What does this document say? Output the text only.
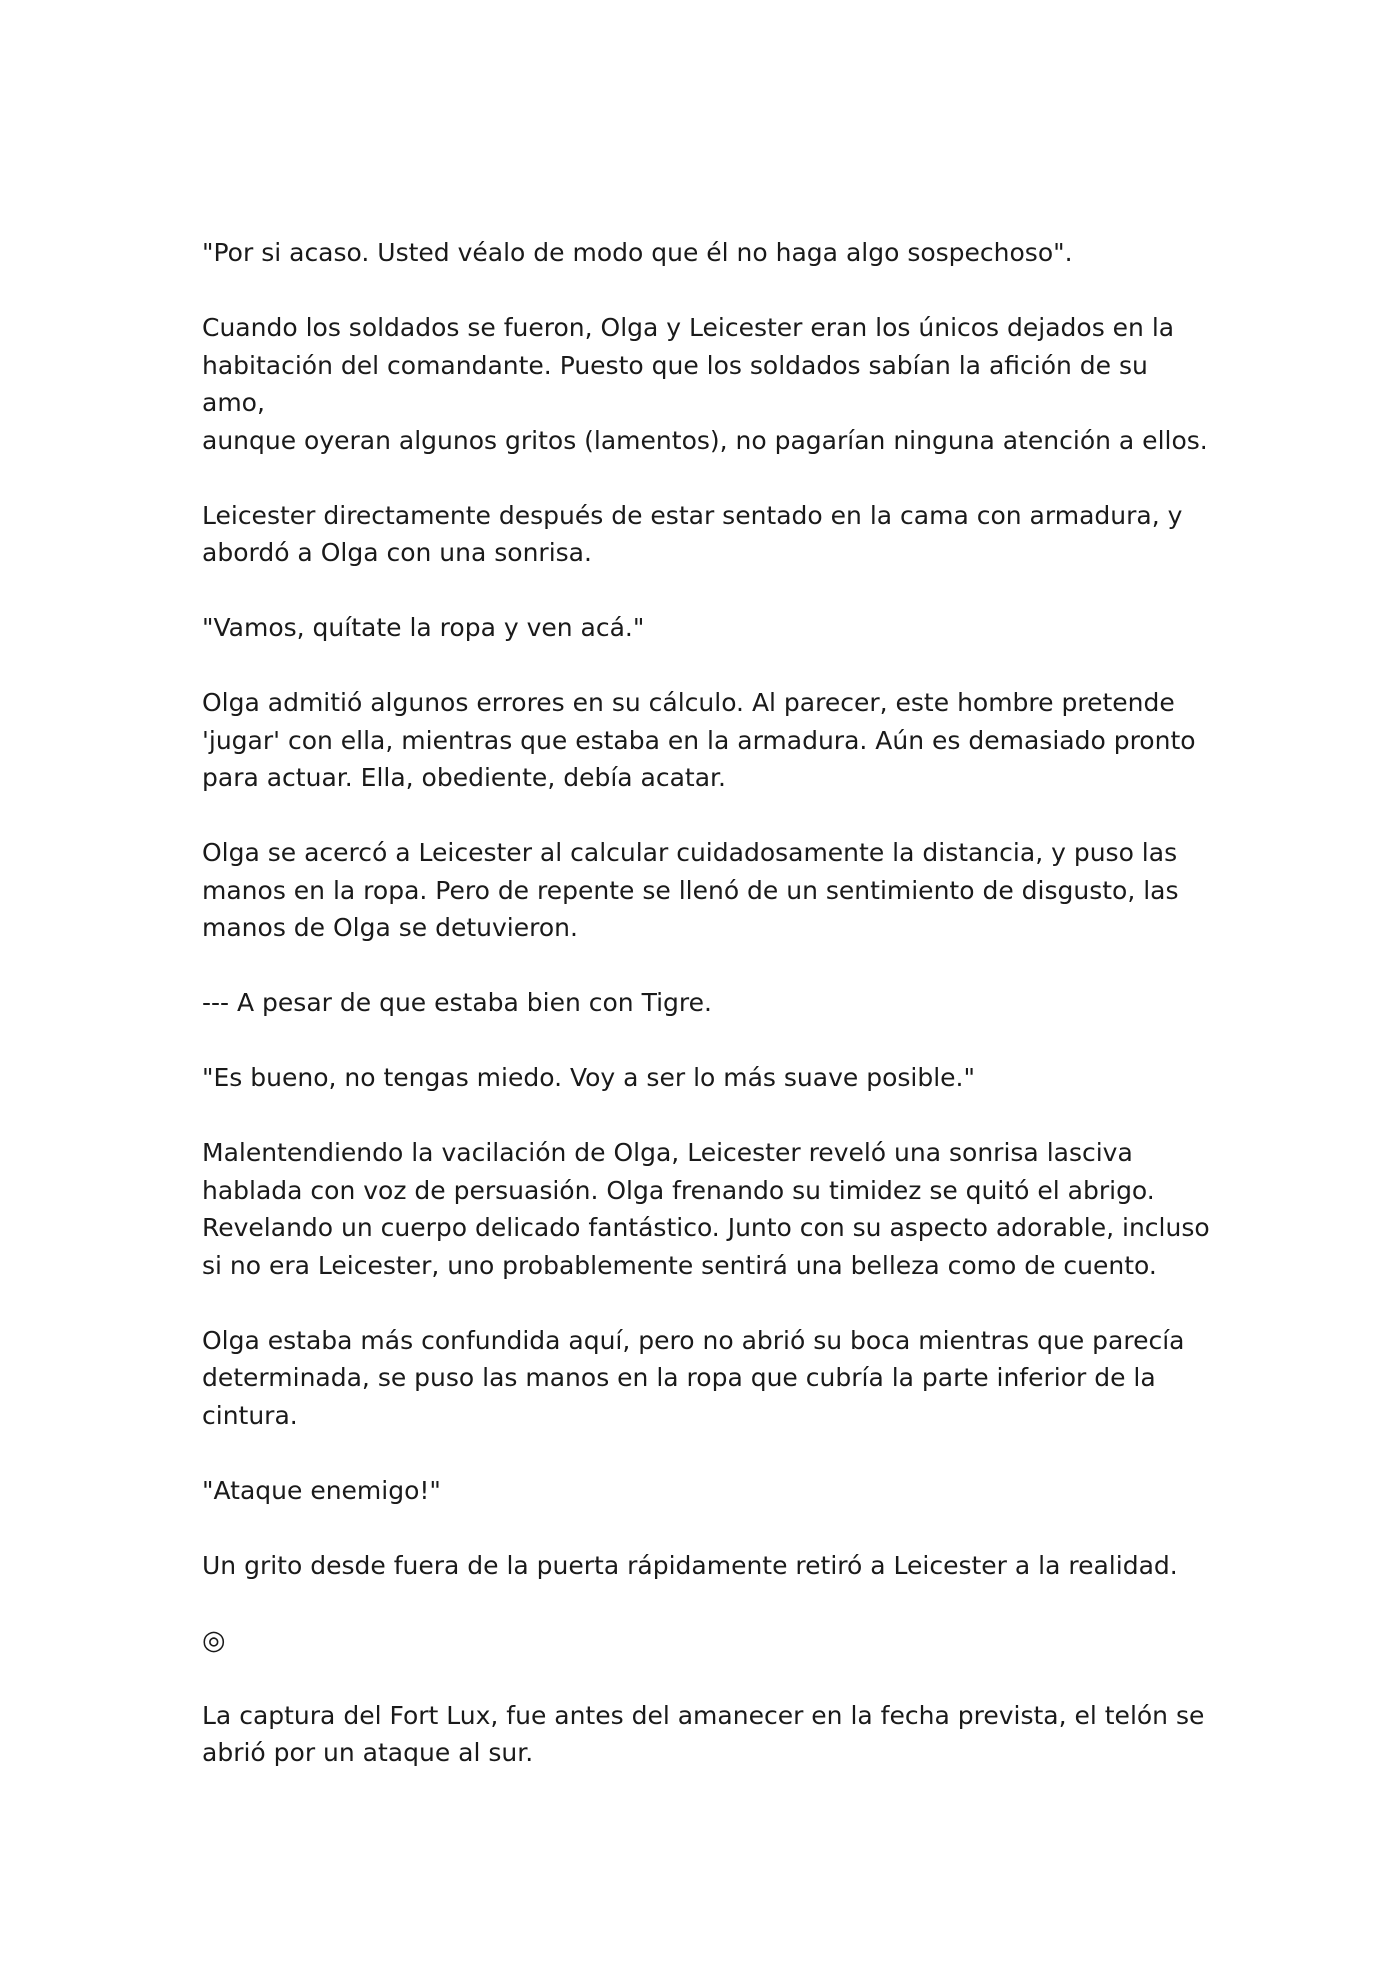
"Por si acaso. Usted véalo de modo que él no haga algo sospechoso".

Cuando los soldados se fueron, Olga y Leicester eran los únicos dejados en la
habitación del comandante. Puesto que los soldados sabían la afición de su amo,
aunque oyeran algunos gritos (lamentos), no pagarían ninguna atención a ellos.

Leicester directamente después de estar sentado en la cama con armadura, y
abordó a Olga con una sonrisa.

"Vamos, quítate la ropa y ven acá."

Olga admitió algunos errores en su cálculo. Al parecer, este hombre pretende
'jugar' con ella, mientras que estaba en la armadura. Aún es demasiado pronto
para actuar. Ella, obediente, debía acatar.

Olga se acercó a Leicester al calcular cuidadosamente la distancia, y puso las
manos en la ropa. Pero de repente se llenó de un sentimiento de disgusto, las
manos de Olga se detuvieron.

--- A pesar de que estaba bien con Tigre.

"Es bueno, no tengas miedo. Voy a ser lo más suave posible."

Malentendiendo la vacilación de Olga, Leicester reveló una sonrisa lasciva
hablada con voz de persuasión. Olga frenando su timidez se quitó el abrigo.
Revelando un cuerpo delicado fantástico. Junto con su aspecto adorable, incluso
si no era Leicester, uno probablemente sentirá una belleza como de cuento.

Olga estaba más confundida aquí, pero no abrió su boca mientras que parecía
determinada, se puso las manos en la ropa que cubría la parte inferior de la
cintura.

"Ataque enemigo!"

Un grito desde fuera de la puerta rápidamente retiró a Leicester a la realidad.

◎

La captura del Fort Lux, fue antes del amanecer en la fecha prevista, el telón se
abrió por un ataque al sur.
